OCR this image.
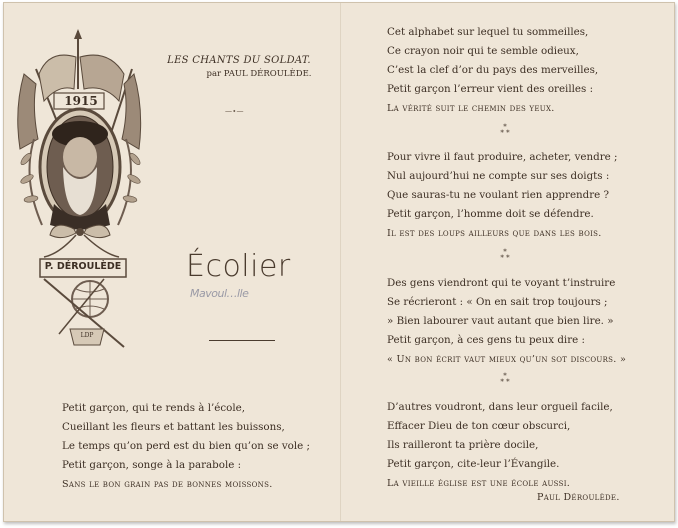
LES CHANTS DU SOLDAT.
par PAUL DÉROULÈDE.
—⬩—
1915
P. DÉROULÈDE
LDP
Écolier
Mavoul…lle
Petit garçon, qui te rends à l’école,
Cueillant les fleurs et battant les buissons,
Le temps qu’on perd est du bien qu’on se vole ;
Petit garçon, songe à la parabole :
Sans le bon grain pas de bonnes moissons.
Cet alphabet sur lequel tu sommeilles,
Ce crayon noir qui te semble odieux,
C’est la clef d’or du pays des merveilles,
Petit garçon l’erreur vient des oreilles :
La vérité suit le chemin des yeux.
*
* *
Pour vivre il faut produire, acheter, vendre ;
Nul aujourd’hui ne compte sur ses doigts :
Que sauras-tu ne voulant rien apprendre ?
Petit garçon, l’homme doit se défendre.
Il est des loups ailleurs que dans les bois.
*
* *
Des gens viendront qui te voyant t’instruire
Se récrieront : « On en sait trop toujours ;
» Bien labourer vaut autant que bien lire. »
Petit garçon, à ces gens tu peux dire :
« Un bon écrit vaut mieux qu’un sot discours. »
*
* *
D’autres voudront, dans leur orgueil facile,
Effacer Dieu de ton cœur obscurci,
Ils railleront ta prière docile,
Petit garçon, cite-leur l’Évangile.
La vieille église est une école aussi.
Paul Déroulède.
